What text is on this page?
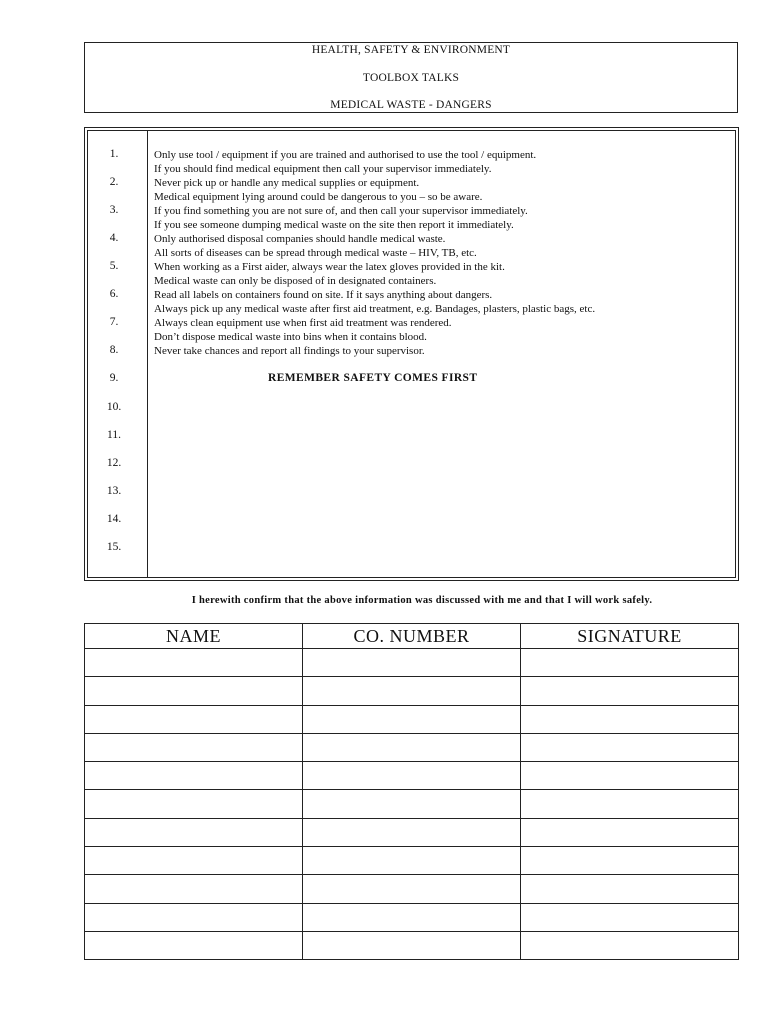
HEALTH, SAFETY & ENVIRONMENT
TOOLBOX TALKS
MEDICAL WASTE - DANGERS
1.
2.
3.
4.
5.
6.
7.
8.
9.
10.
11.
12.
13.
14.
15.
Only use tool / equipment if you are trained and authorised to use the tool / equipment.
If you should find medical equipment then call your supervisor immediately.
Never pick up or handle any medical supplies or equipment.
Medical equipment lying around could be dangerous to you – so be aware.
If you find something you are not sure of, and then call your supervisor immediately.
If you see someone dumping medical waste on the site then report it immediately.
Only authorised disposal companies should handle medical waste.
All sorts of diseases can be spread through medical waste – HIV, TB, etc.
When working as a First aider, always wear the latex gloves provided in the kit.
Medical waste can only be disposed of in designated containers.
Read all labels on containers found on site. If it says anything about dangers.
Always pick up any medical waste after first aid treatment, e.g. Bandages, plasters, plastic bags, etc.
Always clean equipment use when first aid treatment was rendered.
Don’t dispose medical waste into bins when it contains blood.
Never take chances and report all findings to your supervisor.
REMEMBER SAFETY COMES FIRST
I herewith confirm that the above information was discussed with me and that I will work safely.
NAME	CO. NUMBER	SIGNATURE
